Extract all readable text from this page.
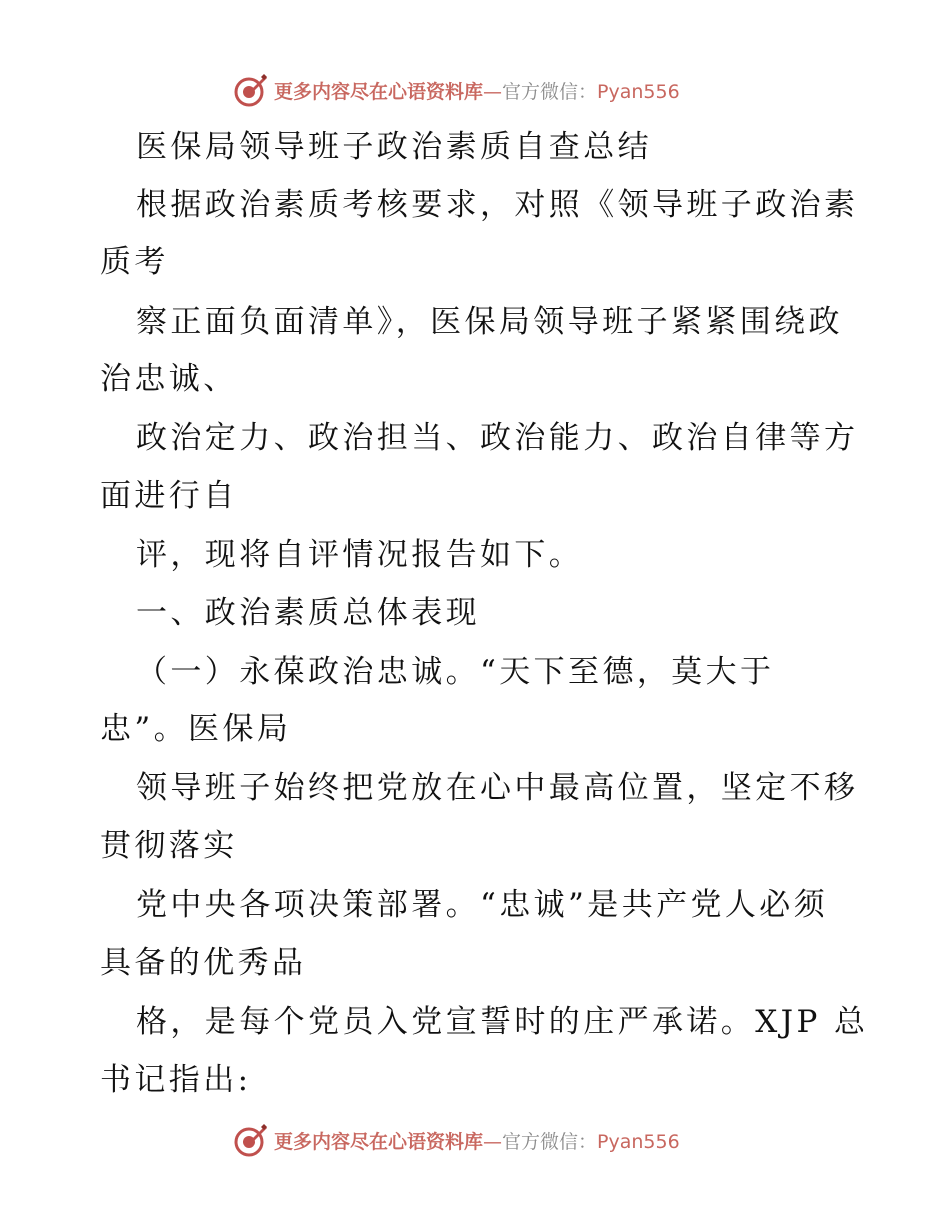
更多内容尽在心语资料库—官方微信：Pyan556
医保局领导班子政治素质自查总结
根据政治素质考核要求，对照《领导班子政治素
质考
察正面负面清单》，医保局领导班子紧紧围绕政
治忠诚、
政治定力、政治担当、政治能力、政治自律等方
面进行自
评，现将自评情况报告如下。
一、政治素质总体表现
（一）永葆政治忠诚。“天下至德，莫大于
忠”。医保局
领导班子始终把党放在心中最高位置，坚定不移
贯彻落实
党中央各项决策部署。“忠诚”是共产党人必须
具备的优秀品
格，是每个党员入党宣誓时的庄严承诺。XJP 总
书记指出:
更多内容尽在心语资料库—官方微信：Pyan556
